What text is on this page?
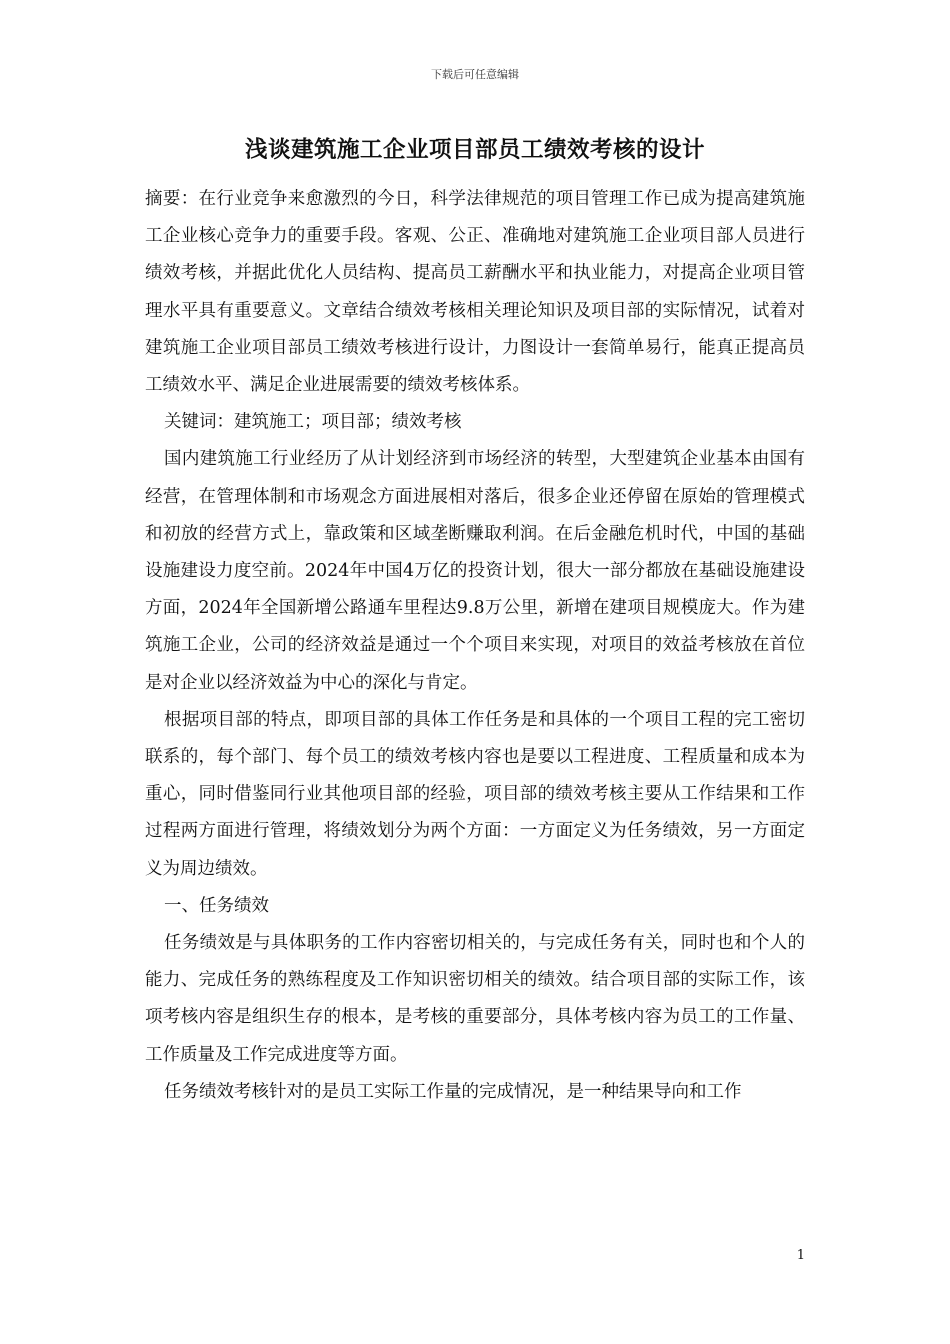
下载后可任意编辑
浅谈建筑施工企业项目部员工绩效考核的设计

摘要：在行业竞争来愈激烈的今日，科学法律规范的项目管理工作已成为提高建筑施工企业核心竞争力的重要手段。客观、公正、准确地对建筑施工企业项目部人员进行绩效考核，并据此优化人员结构、提高员工薪酬水平和执业能力，对提高企业项目管理水平具有重要意义。文章结合绩效考核相关理论知识及项目部的实际情况，试着对建筑施工企业项目部员工绩效考核进行设计，力图设计一套简单易行，能真正提高员工绩效水平、满足企业进展需要的绩效考核体系。

关键词：建筑施工；项目部；绩效考核

国内建筑施工行业经历了从计划经济到市场经济的转型，大型建筑企业基本由国有经营，在管理体制和市场观念方面进展相对落后，很多企业还停留在原始的管理模式和初放的经营方式上，靠政策和区域垄断赚取利润。在后金融危机时代，中国的基础设施建设力度空前。2024年中国4万亿的投资计划，很大一部分都放在基础设施建设方面，2024年全国新增公路通车里程达9.8万公里，新增在建项目规模庞大。作为建筑施工企业，公司的经济效益是通过一个个项目来实现，对项目的效益考核放在首位是对企业以经济效益为中心的深化与肯定。

根据项目部的特点，即项目部的具体工作任务是和具体的一个项目工程的完工密切联系的，每个部门、每个员工的绩效考核内容也是要以工程进度、工程质量和成本为重心，同时借鉴同行业其他项目部的经验，项目部的绩效考核主要从工作结果和工作过程两方面进行管理，将绩效划分为两个方面：一方面定义为任务绩效，另一方面定义为周边绩效。

一、任务绩效

任务绩效是与具体职务的工作内容密切相关的，与完成任务有关，同时也和个人的能力、完成任务的熟练程度及工作知识密切相关的绩效。结合项目部的实际工作，该项考核内容是组织生存的根本，是考核的重要部分，具体考核内容为员工的工作量、工作质量及工作完成进度等方面。

任务绩效考核针对的是员工实际工作量的完成情况，是一种结果导向和工作

1
